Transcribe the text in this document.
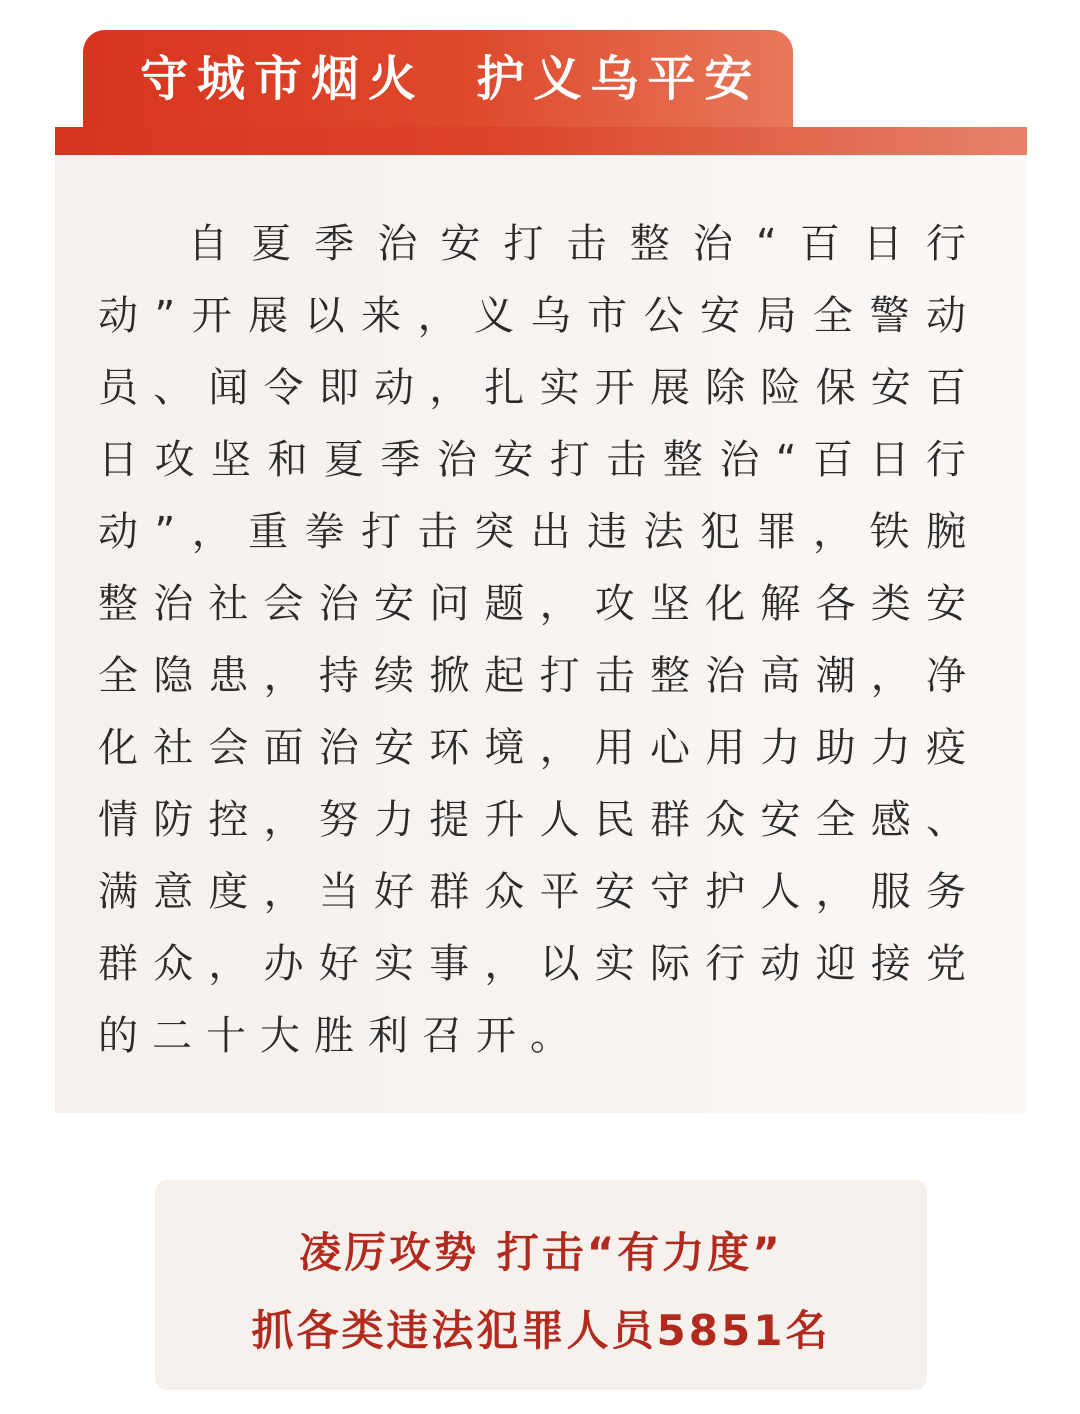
守城市烟火  护义乌平安

自夏季治安打击整治“百日行动”开展以来，义乌市公安局全警动员、闻令即动，扎实开展除险保安百日攻坚和夏季治安打击整治“百日行动”，重拳打击突出违法犯罪，铁腕整治社会治安问题，攻坚化解各类安全隐患，持续掀起打击整治高潮，净化社会面治安环境，用心用力助力疫情防控，努力提升人民群众安全感、满意度，当好群众平安守护人，服务群众，办好实事，以实际行动迎接党的二十大胜利召开。

凌厉攻势 打击“有力度”
抓各类违法犯罪人员5851名
